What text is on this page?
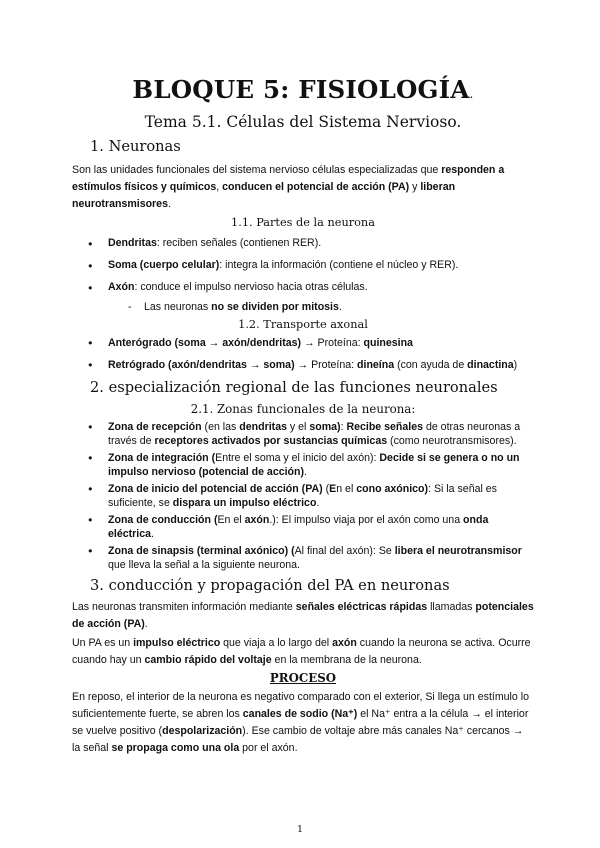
BLOQUE 5: FISIOLOGÍA.
Tema 5.1. Células del Sistema Nervioso.
1. Neuronas

Son las unidades funcionales del sistema nervioso células especializadas que responden a estímulos físicos y químicos, conducen el potencial de acción (PA) y liberan neurotransmisores.

1.1. Partes de la neurona
● Dendritas: reciben señales (contienen RER).
● Soma (cuerpo celular): integra la información (contiene el núcleo y RER).
● Axón: conduce el impulso nervioso hacia otras células.
- Las neuronas no se dividen por mitosis.
1.2. Transporte axonal
● Anterógrado (soma → axón/dendritas) → Proteína: quinesina
● Retrógrado (axón/dendritas → soma) → Proteína: dineína (con ayuda de dinactina)
2. especialización regional de las funciones neuronales
2.1. Zonas funcionales de la neurona:
● Zona de recepción (en las dendritas y el soma): Recibe señales de otras neuronas a través de receptores activados por sustancias químicas (como neurotransmisores).
● Zona de integración (Entre el soma y el inicio del axón): Decide si se genera o no un impulso nervioso (potencial de acción).
● Zona de inicio del potencial de acción (PA) (En el cono axónico): Si la señal es suficiente, se dispara un impulso eléctrico.
● Zona de conducción (En el axón.): El impulso viaja por el axón como una onda eléctrica.
● Zona de sinapsis (terminal axónico) (Al final del axón): Se libera el neurotransmisor que lleva la señal a la siguiente neurona.
3. conducción y propagación del PA en neuronas

Las neuronas transmiten información mediante señales eléctricas rápidas llamadas potenciales de acción (PA).

Un PA es un impulso eléctrico que viaja a lo largo del axón cuando la neurona se activa. Ocurre cuando hay un cambio rápido del voltaje en la membrana de la neurona.

PROCESO

En reposo, el interior de la neurona es negativo comparado con el exterior, Si llega un estímulo lo suficientemente fuerte, se abren los canales de sodio (Na⁺) el Na⁺ entra a la célula → el interior se vuelve positivo (despolarización). Ese cambio de voltaje abre más canales Na⁺ cercanos → la señal se propaga como una ola por el axón.

1
